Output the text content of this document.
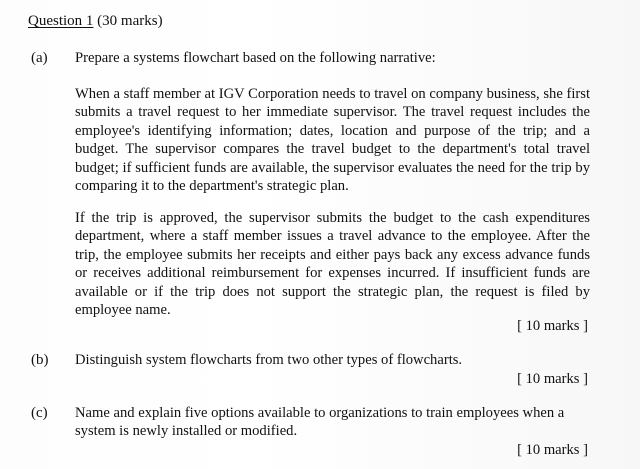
Question 1 (30 marks)
(a) Prepare a systems flowchart based on the following narrative:
When a staff member at IGV Corporation needs to travel on company business, she first submits a travel request to her immediate supervisor. The travel request includes the employee's identifying information; dates, location and purpose of the trip; and a budget. The supervisor compares the travel budget to the department's total travel budget; if sufficient funds are available, the supervisor evaluates the need for the trip by comparing it to the department's strategic plan.
If the trip is approved, the supervisor submits the budget to the cash expenditures department, where a staff member issues a travel advance to the employee. After the trip, the employee submits her receipts and either pays back any excess advance funds or receives additional reimbursement for expenses incurred. If insufficient funds are available or if the trip does not support the strategic plan, the request is filed by employee name.
[ 10 marks ]
(b) Distinguish system flowcharts from two other types of flowcharts.
[ 10 marks ]
(c) Name and explain five options available to organizations to train employees when a system is newly installed or modified.
[ 10 marks ]
